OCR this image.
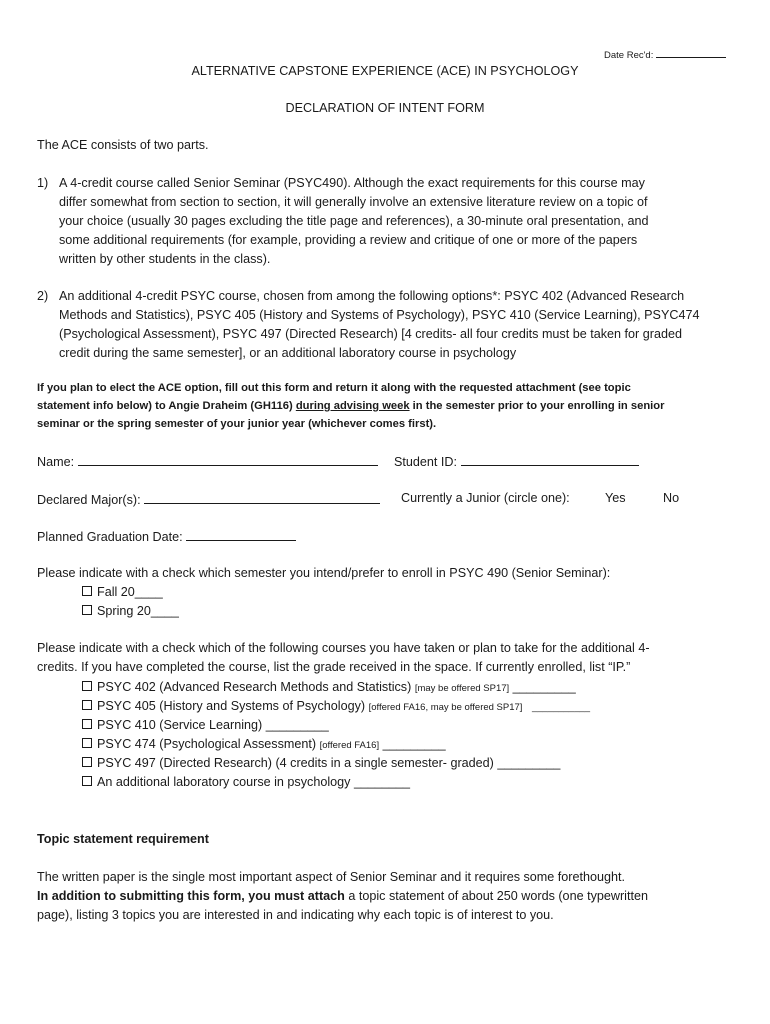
Date Rec'd:
ALTERNATIVE CAPSTONE EXPERIENCE (ACE) IN PSYCHOLOGY
DECLARATION OF INTENT FORM
The ACE consists of two parts.
1) A 4-credit course called Senior Seminar (PSYC490). Although the exact requirements for this course may
differ somewhat from section to section, it will generally involve an extensive literature review on a topic of
your choice (usually 30 pages excluding the title page and references), a 30-minute oral presentation, and
some additional requirements (for example, providing a review and critique of one or more of the papers
written by other students in the class).
2) An additional 4-credit PSYC course, chosen from among the following options*: PSYC 402 (Advanced Research
Methods and Statistics), PSYC 405 (History and Systems of Psychology), PSYC 410 (Service Learning), PSYC474
(Psychological Assessment), PSYC 497 (Directed Research) [4 credits- all four credits must be taken for graded
credit during the same semester], or an additional laboratory course in psychology
If you plan to elect the ACE option, fill out this form and return it along with the requested attachment (see topic
statement info below) to Angie Draheim (GH116) during advising week in the semester prior to your enrolling in senior
seminar or the spring semester of your junior year (whichever comes first).
Name:	Student ID:
Declared Major(s):	Currently a Junior (circle one):	Yes	No
Planned Graduation Date:
Please indicate with a check which semester you intend/prefer to enroll in PSYC 490 (Senior Seminar):
Fall 20____
Spring 20____
Please indicate with a check which of the following courses you have taken or plan to take for the additional 4-
credits. If you have completed the course, list the grade received in the space. If currently enrolled, list “IP.”
PSYC 402 (Advanced Research Methods and Statistics) [may be offered SP17] _________
PSYC 405 (History and Systems of Psychology) [offered FA16, may be offered SP17] ___________
PSYC 410 (Service Learning) _________
PSYC 474 (Psychological Assessment) [offered FA16] _________
PSYC 497 (Directed Research) (4 credits in a single semester- graded) _________
An additional laboratory course in psychology ________
Topic statement requirement
The written paper is the single most important aspect of Senior Seminar and it requires some forethought.
In addition to submitting this form, you must attach a topic statement of about 250 words (one typewritten
page), listing 3 topics you are interested in and indicating why each topic is of interest to you.
